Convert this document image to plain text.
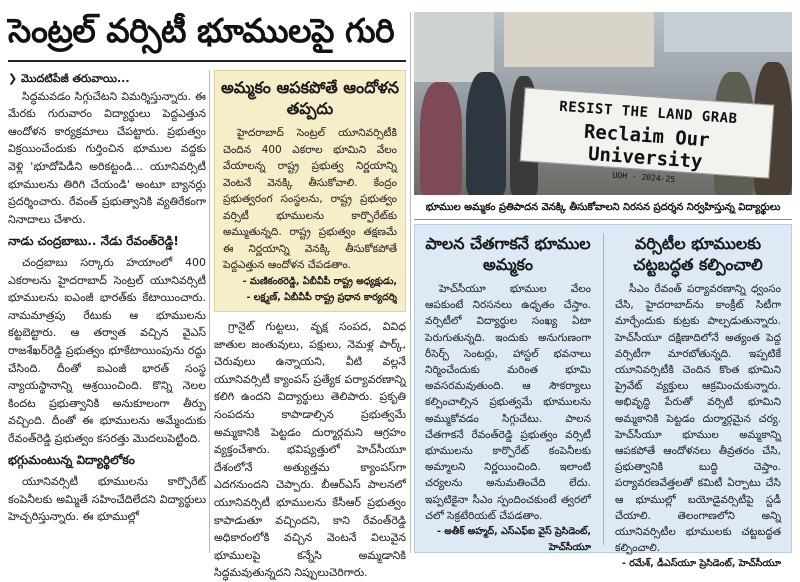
సెంట్రల్ వర్సిటీ భూములపై గురి

❯ మొదటిపేజీ తరువాయి...

సిద్ధమవడం సిగ్గుచేటని విమర్శిస్తున్నారు. ఈ మేరకు గురువారం విద్యార్థులు పెద్దఎత్తున ఆందోళన కార్యక్రమాలు చేపట్టారు. ప్రభుత్వం విక్రయించేందుకు గుర్తించిన భూముల వద్దకు వెళ్లి 'భూదోపిడీని అరికట్టండి... యూనివర్సిటీ భూములను తిరిగి చేయండి' అంటూ బ్యానర్లు ప్రదర్శించారు. రేవంత్ ప్రభుత్వానికి వ్యతిరేకంగా నినాదాలు చేశారు.

నాడు చంద్రబాబు.. నేడు రేవంత్‌రెడ్డి!

చంద్రబాబు సర్కారు హయాంలో 400 ఎకరాలను హైదరాబాద్ సెంట్రల్ యూనివర్సిటీ భూములను ఐఎంజీ భారత్‌కు కేటాయించారు. నామమాత్రపు రేటుకు ఆ భూములను కట్టబెట్టారు. ఆ తర్వాత వచ్చిన వైఎస్ రాజశేఖర్‌రెడ్డి ప్రభుత్వం భూకేటాయింపును రద్దు చేసింది. దీంతో ఐఎంజీ భారత్ సంస్థ న్యాయస్థానాన్ని ఆశ్రయించింది. కొన్ని నెలల కిందట ప్రభుత్వానికి అనుకూలంగా తీర్పు వచ్చింది. దీంతో ఈ భూములను అమ్మేందుకు రేవంత్‌రెడ్డి ప్రభుత్వం కసరత్తు మొదలుపెట్టింది.

భగ్గుమంటున్న విద్యార్థిలోకం

యూనివర్సిటీ భూములను కార్పొరేట్ కంపెనీలకు అమ్మితే సహించేదిలేదని విద్యార్థులు హెచ్చరిస్తున్నారు. ఈ భూముల్లో

అమ్మకం ఆపకపోతే ఆందోళన తప్పదు

హైదరాబాద్ సెంట్రల్ యూనివర్సిటీకి చెందిన 400 ఎకరాల భూమిని వేలం వేయాలన్న రాష్ట్ర ప్రభుత్వ నిర్ణయాన్ని వెంటనే వెనక్కి తీసుకోవాలి. కేంద్రం ప్రభుత్వరంగ సంస్థలను, రాష్ట్ర ప్రభుత్వం వర్సిటీ భూములను కార్పొరేట్‌కు అమ్ముతున్నది. రాష్ట్ర ప్రభుత్వం తక్షణమే ఈ నిర్ణయాన్ని వెనక్కి తీసుకోకపోతే పెద్దఎత్తున ఆందోళన చేపడతాం.

- మణికంఠరెడ్డి, ఏబీవీపీ రాష్ట్ర అధ్యక్షుడు,
- లక్ష్మణ్, ఏబీవీపీ రాష్ట్ర ప్రధాన కార్యదర్శి

గ్రానైట్ గుట్టలు, వృక్ష సంపద, వివిధ జాతుల జంతువులు, పక్షులు, నెమళ్ల పార్క్, చెరువులు ఉన్నాయని, వీటి వల్లనే యూనివర్సిటీ క్యాంపస్ ప్రత్యేక పర్యావరణాన్ని కలిగి ఉందని విద్యార్థులు తెలిపారు. ప్రకృతి సంపదను కాపాడాల్సిన ప్రభుత్వమే అమ్మకానికి పెట్టడం దుర్మార్గమని ఆగ్రహం వ్యక్తంచేశారు. భవిష్యత్తులో హెచ్‌సీయూ దేశంలోనే అత్యుత్తమ క్యాంపస్‌గా ఎదగనుందని చెప్పారు. బీఆర్ఎస్ పాలనలో యూనివర్సిటీ భూములను కేసీఆర్ ప్రభుత్వం కాపాడుతూ వచ్చిందని, కాని రేవంత్‌రెడ్డి అధికారంలోకి వచ్చిన వెంటనే విలువైన భూములపై కన్నేసి అమ్మడానికి సిద్ధమవుతున్నదని నిప్పులుచెరిగారు.

RESIST THE LAND GRAB
Reclaim Our University
UOH · 2024-25
భూముల అమ్మకం ప్రతిపాదన వెనక్కి తీసుకోవాలని నిరసన ప్రదర్శన నిర్వహిస్తున్న విద్యార్థులు
పాలన చేతగాకనే భూముల అమ్మకం

హెచ్‌సీయూ భూముల వేలం ఆపకుంటే నిరసనలు ఉధృతం చేస్తాం. వర్సిటీలో విద్యార్థుల సంఖ్య ఏటా పెరుగుతున్నది. ఇందుకు అనుగుణంగా రీసెర్చ్ సెంటర్లు, హాస్టల్ భవనాలు నిర్మించేందుకు మరింత భూమి అవసరమవుతుంది. ఆ సౌకర్యాలు కల్పించాల్సిన ప్రభుత్వమే భూములను అమ్ముకోవడం సిగ్గుచేటు. పాలన చేతగాకనే రేవంత్‌రెడ్డి ప్రభుత్వం వర్సిటీ భూములను కార్పొరేట్ కంపెనీలకు అమ్మాలని నిర్ణయించింది. ఇలాంటి చర్యలను అనుమతించేది లేదు. ఇప్పటికైనా సీఎం స్పందించకుంటే త్వరలో చలో సెక్రటేరియట్ చేపడతాం.

- అతీక్ అహ్మద్, ఎస్‌ఎఫ్ఐ వైస్ ప్రెసిడెంట్, హెచ్‌సీయూ
వర్సిటీల భూములకు చట్టబద్ధత కల్పించాలి

సీఎం రేవంత్ పర్యావరణాన్ని ధ్వంసం చేసి, హైదరాబాద్‌ను కాంక్రీట్ సిటీగా మార్చేందుకు కుట్రకు పాల్పడుతున్నారు. హెచ్‌సీయూ దక్షిణాదిలోనే అత్యంత పెద్ద వర్సిటీగా మారబోతున్నది. ఇప్పటికే యూనివర్సిటీకి చెందిన కొంత భూమిని ప్రైవేట్ వ్యక్తులు ఆక్రమించుకున్నారు. అభివృద్ధి పేరుతో వర్సిటీ భూమిని అమ్మకానికి పెట్టడం దుర్మార్గమైన చర్య. హెచ్‌సీయూ భూముల అమ్మకాన్ని ఆపకపోతే ఆందోళనలు తీవ్రతరం చేసి, ప్రభుత్వానికి బుద్ధి చెప్తాం. పర్యావరణవేత్తలతో కమిటీ ఏర్పాటు చేసి ఆ భూముల్లో బయోడైవర్సిటీపై స్టడీ చేయాలి. తెలంగాణలోని అన్ని యూనివర్సిటీల భూములకు చట్టబద్ధత కల్పించాలి.

- రమేశ్, డీఎస్‌యూ ప్రెసిడెంట్, హెచ్‌సీయూ
